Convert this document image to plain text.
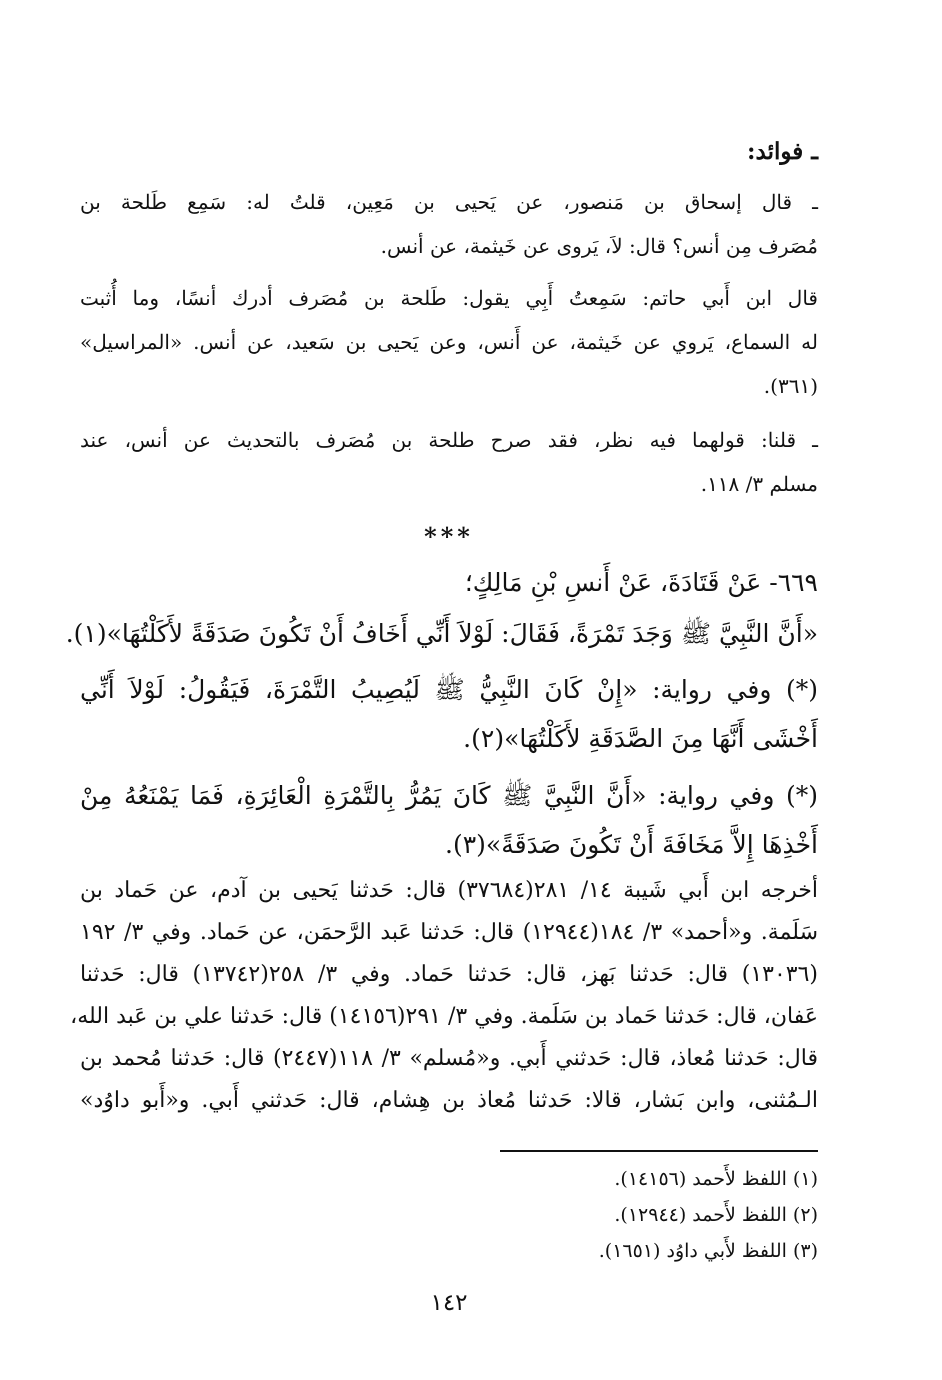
ـ فوائد:
ـ قال إسحاق بن مَنصور، عن يَحيى بن مَعِين، قلتُ له: سَمِع طَلحة بن
مُصَرف مِن أنس؟ قال: لاَ، يَروى عن خَيثمة، عن أنس.
قال ابن أَبي حاتم: سَمِعتُ أَبِي يقول: طَلحة بن مُصَرف أدرك أنسًا، وما أُثبت
له السماع، يَروي عن خَيثمة، عن أَنس، وعن يَحيى بن سَعيد، عن أنس. «المراسيل»
(٣٦١).
ـ قلنا: قولهما فيه نظر، فقد صرح طلحة بن مُصَرف بالتحديث عن أنس، عند
مسلم ٣/ ١١٨.
***
٦٦٩- عَنْ قَتَادَةَ، عَنْ أَنسِ بْنِ مَالِكٍ؛
«أَنَّ النَّبِيَّ ﷺ وَجَدَ تَمْرَةً، فَقَالَ: لَوْلاَ أَنِّي أَخَافُ أَنْ تَكُونَ صَدَقَةً لأَكَلْتُهَا»(١).
(*) وفي رواية: «إِنْ كَانَ النَّبِيُّ ﷺ لَيُصِيبُ التَّمْرَةَ، فَيَقُولُ: لَوْلاَ أَنِّي
أَخْشَى أَنَّهَا مِنَ الصَّدَقَةِ لأَكَلْتُهَا»(٢).
(*) وفي رواية: «أَنَّ النَّبِيَّ ﷺ كَانَ يَمُرُّ بِالتَّمْرَةِ الْعَائِرَةِ، فَمَا يَمْنَعُهُ مِنْ
أَخْذِهَا إِلاَّ مَخَافَةَ أَنْ تَكُونَ صَدَقَةً»(٣).
أخرجه ابن أَبي شَيبة ١٤/ ٢٨١(٣٧٦٨٤) قال: حَدثنا يَحيى بن آدم، عن حَماد بن
سَلَمة. و«أحمد» ٣/ ١٨٤(١٢٩٤٤) قال: حَدثنا عَبد الرَّحمَن، عن حَماد. وفي ٣/ ١٩٢
(١٣٠٣٦) قال: حَدثنا بَهز، قال: حَدثنا حَماد. وفي ٣/ ٢٥٨(١٣٧٤٢) قال: حَدثنا
عَفان، قال: حَدثنا حَماد بن سَلَمة. وفي ٣/ ٢٩١(١٤١٥٦) قال: حَدثنا علي بن عَبد الله،
قال: حَدثنا مُعاذ، قال: حَدثني أَبي. و«مُسلم» ٣/ ١١٨(٢٤٤٧) قال: حَدثنا مُحمد بن
الـمُثنى، وابن بَشار، قالا: حَدثنا مُعاذ بن هِشام، قال: حَدثني أَبي. و«أَبو داوُد»
(١) اللفظ لأَحمد (١٤١٥٦).
(٢) اللفظ لأَحمد (١٢٩٤٤).
(٣) اللفظ لأَبي داوُد (١٦٥١).
١٤٢
